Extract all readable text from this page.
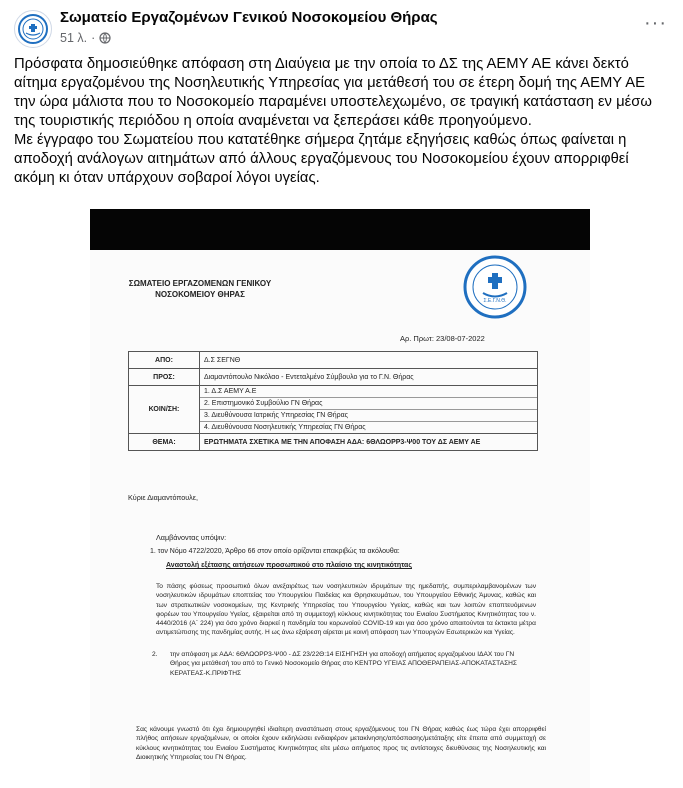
Σωματείο Εργαζομένων Γενικού Νοσοκομείου Θήρας
51 λ. ·
···

Πρόσφατα δημοσιεύθηκε απόφαση στη Διαύγεια με την οποία το ΔΣ της ΑΕΜΥ ΑΕ κάνει δεκτό αίτημα εργαζομένου της Νοσηλευτικής Υπηρεσίας για μετάθεσή του σε έτερη δομή της ΑΕΜΥ ΑΕ την ώρα μάλιστα που το Νοσοκομείο παραμένει υποστελεχωμένο, σε τραγική κατάσταση εν μέσω της τουριστικής περιόδου η οποία αναμένεται να ξεπεράσει κάθε προηγούμενο.

Με έγγραφο του Σωματείου που κατατέθηκε σήμερα ζητάμε εξηγήσεις καθώς όπως φαίνεται η αποδοχή ανάλογων αιτημάτων από άλλους εργαζόμενους του Νοσοκομείου έχουν απορριφθεί ακόμη κι όταν υπάρχουν σοβαροί λόγοι υγείας.

ΣΩΜΑΤΕΙΟ ΕΡΓΑΖΟΜΕΝΩΝ ΓΕΝΙΚΟΥ
ΝΟΣΟΚΟΜΕΙΟΥ ΘΗΡΑΣ
Σ.Ε.Γ.Ν.Θ.
Αρ. Πρωτ: 23/08-07-2022
ΑΠΟ:	Δ.Σ ΣΕΓΝΘ
ΠΡΟΣ:	Διαμαντόπουλο Νικόλαο - Εντεταλμένο Σύμβουλο για το Γ.Ν. Θήρας
ΚΟΙΝ/ΣΗ:	1. Δ.Σ ΑΕΜΥ Α.Ε
2. Επιστημονικό Συμβούλιο ΓΝ Θήρας
3. Διευθύνουσα Ιατρικής Υπηρεσίας ΓΝ Θήρας
4. Διευθύνουσα Νοσηλευτικής Υπηρεσίας ΓΝ Θήρας

ΘΕΜΑ:	ΕΡΩΤΗΜΑΤΑ ΣΧΕΤΙΚΑ ΜΕ ΤΗΝ ΑΠΟΦΑΣΗ ΑΔΑ: 6ΘΛΩΟΡΡ3-Ψ00 ΤΟΥ ΔΣ ΑΕΜΥ ΑΕ
Κύριε Διαμαντόπουλε,
Λαμβάνοντας υπόψιν:
1. τον Νόμο 4722/2020, Άρθρο 66 στον οποίο ορίζονται επακριβώς τα ακόλουθα:
Αναστολή εξέτασης αιτήσεων προσωπικού στο πλαίσιο της κινητικότητας
Το πάσης φύσεως προσωπικό όλων ανεξαιρέτως των νοσηλευτικών ιδρυμάτων της ημεδαπής, συμπεριλαμβανομένων των νοσηλευτικών ιδρυμάτων εποπτείας του Υπουργείου Παιδείας και Θρησκευμάτων, του Υπουργείου Εθνικής Άμυνας, καθώς και των στρατιωτικών νοσοκομείων, της Κεντρικής Υπηρεσίας του Υπουργείου Υγείας, καθώς και των λοιπών εποπτευόμενων φορέων του Υπουργείου Υγείας, εξαιρείται από τη συμμετοχή κύκλους κινητικότητας του Ενιαίου Συστήματος Κινητικότητας του ν. 4440/2016 (Α΄ 224) για όσο χρόνο διαρκεί η πανδημία του κορωνοϊού COVID-19 και για όσο χρόνο απαιτούνται τα έκτακτα μέτρα αντιμετώπισης της πανδημίας αυτής. Η ως άνω εξαίρεση αίρεται με κοινή απόφαση των Υπουργών Εσωτερικών και Υγείας.
2. την απόφαση με ΑΔΑ: 6ΘΛΩΟΡΡ3-Ψ00 - ΔΣ 23/22Θ:14 ΕΙΣΗΓΗΣΗ για αποδοχή αιτήματος εργαζομένου ΙΔΑΧ του ΓΝ Θήρας για μετάθεσή του από το Γενικό Νοσοκομείο Θήρας στο ΚΕΝΤΡΟ ΥΓΕΙΑΣ ΑΠΟΘΕΡΑΠΕΙΑΣ-ΑΠΟΚΑΤΑΣΤΑΣΗΣ ΚΕΡΑΤΕΑΣ-Κ.ΠΡΙΦΤΗΣ
Σας κάνουμε γνωστό ότι έχει δημιουργηθεί ιδιαίτερη αναστάτωση στους εργαζόμενους του ΓΝ Θήρας καθώς έως τώρα έχει απορριφθεί πλήθος αιτήσεων εργαζομένων, οι οποίοι έχουν εκδηλώσει ενδιαφέρον μετακίνησης/απόσπασης/μετάταξης είτε έπειτα από συμμετοχή σε κύκλους κινητικότητας του Ενιαίου Συστήματος Κινητικότητας είτε μέσω αιτήματος προς τις αντίστοιχες διευθύνσεις της Νοσηλευτικής και Διοικητικής Υπηρεσίας του ΓΝ Θήρας.
